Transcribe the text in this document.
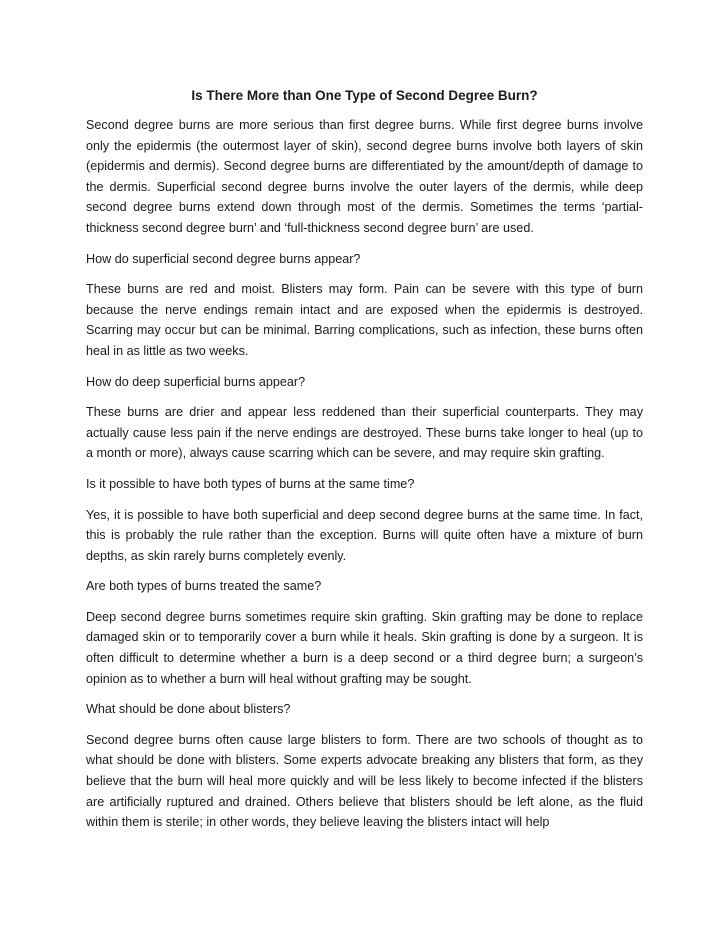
Is There More than One Type of Second Degree Burn?

Second degree burns are more serious than first degree burns. While first degree burns involve only the epidermis (the outermost layer of skin), second degree burns involve both layers of skin (epidermis and dermis). Second degree burns are differentiated by the amount/depth of damage to the dermis. Superficial second degree burns involve the outer layers of the dermis, while deep second degree burns extend down through most of the dermis. Sometimes the terms ‘partial-thickness second degree burn’ and ‘full-thickness second degree burn’ are used.

How do superficial second degree burns appear?

These burns are red and moist. Blisters may form. Pain can be severe with this type of burn because the nerve endings remain intact and are exposed when the epidermis is destroyed. Scarring may occur but can be minimal. Barring complications, such as infection, these burns often heal in as little as two weeks.

How do deep superficial burns appear?

These burns are drier and appear less reddened than their superficial counterparts. They may actually cause less pain if the nerve endings are destroyed. These burns take longer to heal (up to a month or more), always cause scarring which can be severe, and may require skin grafting.

Is it possible to have both types of burns at the same time?

Yes, it is possible to have both superficial and deep second degree burns at the same time. In fact, this is probably the rule rather than the exception. Burns will quite often have a mixture of burn depths, as skin rarely burns completely evenly.

Are both types of burns treated the same?

Deep second degree burns sometimes require skin grafting. Skin grafting may be done to replace damaged skin or to temporarily cover a burn while it heals. Skin grafting is done by a surgeon. It is often difficult to determine whether a burn is a deep second or a third degree burn; a surgeon’s opinion as to whether a burn will heal without grafting may be sought.

What should be done about blisters?

Second degree burns often cause large blisters to form. There are two schools of thought as to what should be done with blisters. Some experts advocate breaking any blisters that form, as they believe that the burn will heal more quickly and will be less likely to become infected if the blisters are artificially ruptured and drained. Others believe that blisters should be left alone, as the fluid within them is sterile; in other words, they believe leaving the blisters intact will help
